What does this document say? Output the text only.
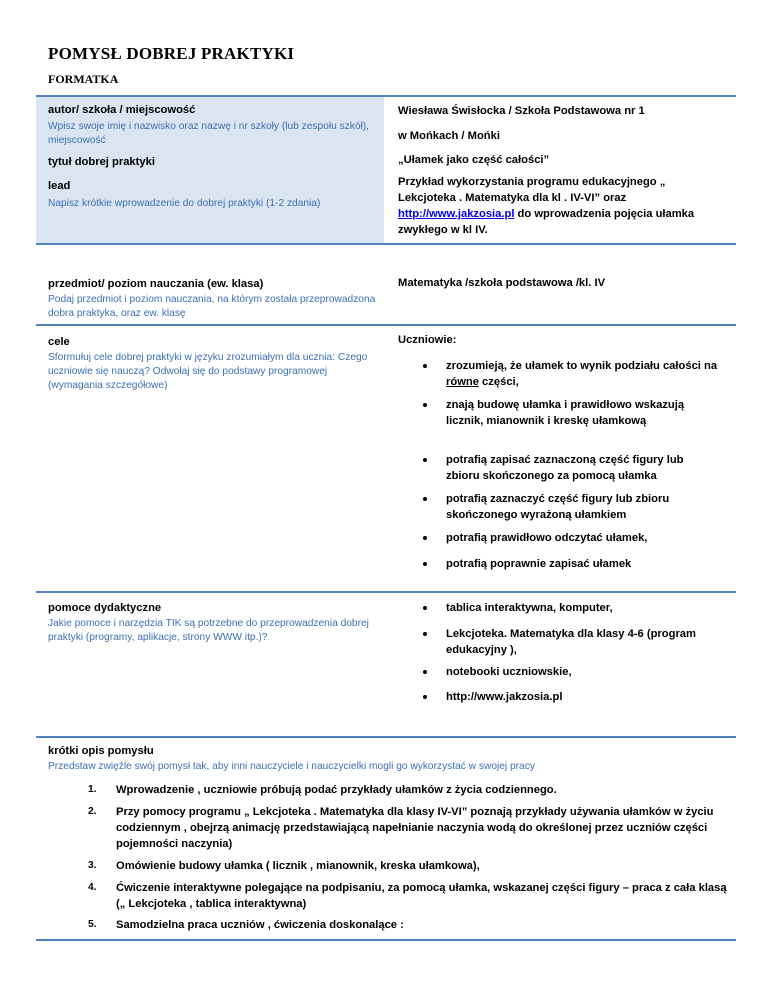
POMYSŁ DOBREJ PRAKTYKI
FORMATKA
autor/ szkoła / miejscowość
Wpisz swoje imię i nazwisko oraz nazwę i nr szkoły (lub zespołu szkół), miejscowość
Wiesława Świsłocka / Szkoła Podstawowa nr 1
w Mońkach / Mońki
tytuł dobrej praktyki	„Ułamek jako część całości”
lead
Napisz krótkie wprowadzenie do dobrej praktyki (1-2 zdania)
Przykład wykorzystania programu edukacyjnego „ Lekcjoteka . Matematyka dla kl . IV-VI” oraz http://www.jakzosia.pl do wprowadzenia pojęcia ułamka zwykłego w kl IV.
przedmiot/ poziom nauczania (ew. klasa)
Podaj przedmiot i poziom nauczania, na którym została przeprowadzona dobra praktyka, oraz ew. klasę
Matematyka /szkoła podstawowa /kl. IV
cele
Sformułuj cele dobrej praktyki w języku zrozumiałym dla ucznia: Czego uczniowie się nauczą? Odwołaj się do podstawy programowej (wymagania szczegółowe)
Uczniowie:
zrozumieją, że ułamek to wynik podziału całości na równe części,
znają budowę ułamka i prawidłowo wskazują licznik, mianownik i kreskę ułamkową
potrafią zapisać zaznaczoną część figury lub zbioru skończonego za pomocą ułamka
potrafią zaznaczyć część figury lub zbioru skończonego wyrażoną ułamkiem
potrafią prawidłowo odczytać ułamek,
potrafią poprawnie zapisać ułamek
pomoce dydaktyczne
Jakie pomoce i narzędzia TIK są potrzebne do przeprowadzenia dobrej praktyki (programy, aplikacje, strony WWW itp.)?
tablica interaktywna, komputer,
Lekcjoteka. Matematyka dla klasy 4-6 (program edukacyjny ),
notebooki uczniowskie,
http://www.jakzosia.pl
krótki opis pomysłu
Przedstaw zwięźle swój pomysł tak, aby inni nauczyciele i nauczycielki mogli go wykorzystać w swojej pracy
1. Wprowadzenie , uczniowie próbują podać przykłady ułamków z życia codziennego.
2. Przy pomocy programu „ Lekcjoteka . Matematyka dla klasy IV-VI” poznają przykłady używania ułamków w życiu codziennym , obejrzą animację przedstawiającą napełnianie naczynia wodą do określonej przez uczniów części pojemności naczynia)
3. Omówienie budowy ułamka ( licznik , mianownik, kreska ułamkowa),
4. Ćwiczenie interaktywne polegające na podpisaniu, za pomocą ułamka, wskazanej części figury – praca z cała klasą („ Lekcjoteka , tablica interaktywna)
5. Samodzielna praca uczniów , ćwiczenia doskonalące :
